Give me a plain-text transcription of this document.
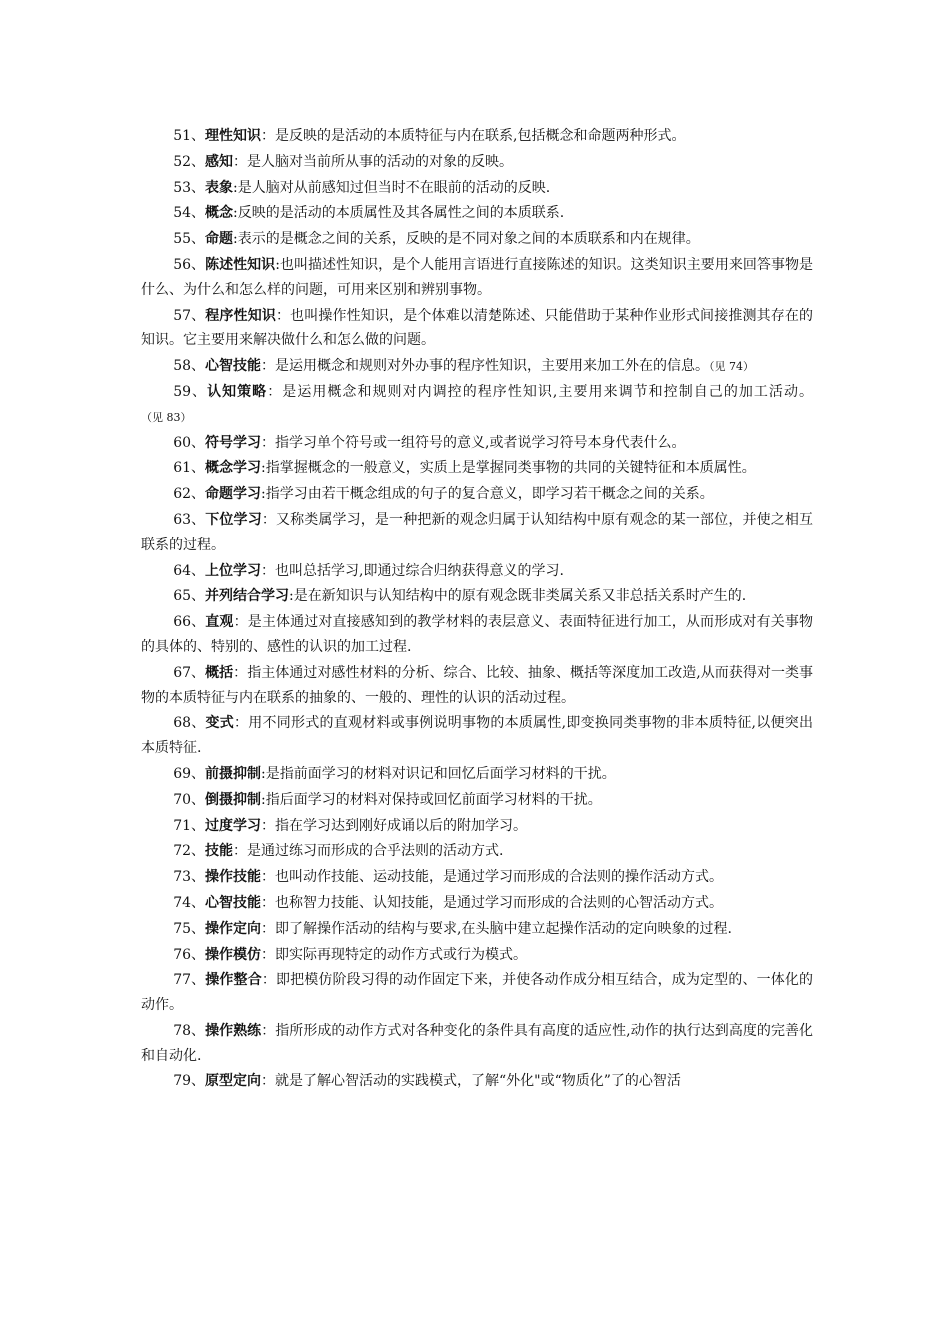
51、理性知识：是反映的是活动的本质特征与内在联系,包括概念和命题两种形式。

52、感知：是人脑对当前所从事的活动的对象的反映。

53、表象:是人脑对从前感知过但当时不在眼前的活动的反映.

54、概念:反映的是活动的本质属性及其各属性之间的本质联系.

55、命题:表示的是概念之间的关系，反映的是不同对象之间的本质联系和内在规律。

56、陈述性知识:也叫描述性知识，是个人能用言语进行直接陈述的知识。这类知识主要用来回答事物是什么、为什么和怎么样的问题，可用来区别和辨别事物。

57、程序性知识：也叫操作性知识，是个体难以清楚陈述、只能借助于某种作业形式间接推测其存在的知识。它主要用来解决做什么和怎么做的问题。

58、心智技能：是运用概念和规则对外办事的程序性知识，主要用来加工外在的信息。（见 74）

59、认知策略：是运用概念和规则对内调控的程序性知识,主要用来调节和控制自己的加工活动。（见 83）

60、符号学习：指学习单个符号或一组符号的意义,或者说学习符号本身代表什么。

61、概念学习:指掌握概念的一般意义，实质上是掌握同类事物的共同的关键特征和本质属性。

62、命题学习:指学习由若干概念组成的句子的复合意义，即学习若干概念之间的关系。

63、下位学习：又称类属学习，是一种把新的观念归属于认知结构中原有观念的某一部位，并使之相互联系的过程。

64、上位学习：也叫总括学习,即通过综合归纳获得意义的学习.

65、并列结合学习:是在新知识与认知结构中的原有观念既非类属关系又非总括关系时产生的.

66、直观：是主体通过对直接感知到的教学材料的表层意义、表面特征进行加工，从而形成对有关事物的具体的、特别的、感性的认识的加工过程.

67、概括：指主体通过对感性材料的分析、综合、比较、抽象、概括等深度加工改造,从而获得对一类事物的本质特征与内在联系的抽象的、一般的、理性的认识的活动过程。

68、变式：用不同形式的直观材料或事例说明事物的本质属性,即变换同类事物的非本质特征,以便突出本质特征.

69、前摄抑制:是指前面学习的材料对识记和回忆后面学习材料的干扰。

70、倒摄抑制:指后面学习的材料对保持或回忆前面学习材料的干扰。

71、过度学习：指在学习达到刚好成诵以后的附加学习。

72、技能：是通过练习而形成的合乎法则的活动方式.

73、操作技能：也叫动作技能、运动技能，是通过学习而形成的合法则的操作活动方式。

74、心智技能：也称智力技能、认知技能，是通过学习而形成的合法则的心智活动方式。

75、操作定向：即了解操作活动的结构与要求,在头脑中建立起操作活动的定向映象的过程.

76、操作模仿：即实际再现特定的动作方式或行为模式。

77、操作整合：即把模仿阶段习得的动作固定下来，并使各动作成分相互结合，成为定型的、一体化的动作。

78、操作熟练：指所形成的动作方式对各种变化的条件具有高度的适应性,动作的执行达到高度的完善化和自动化.

79、原型定向：就是了解心智活动的实践模式，了解“外化"或“物质化”了的心智活
